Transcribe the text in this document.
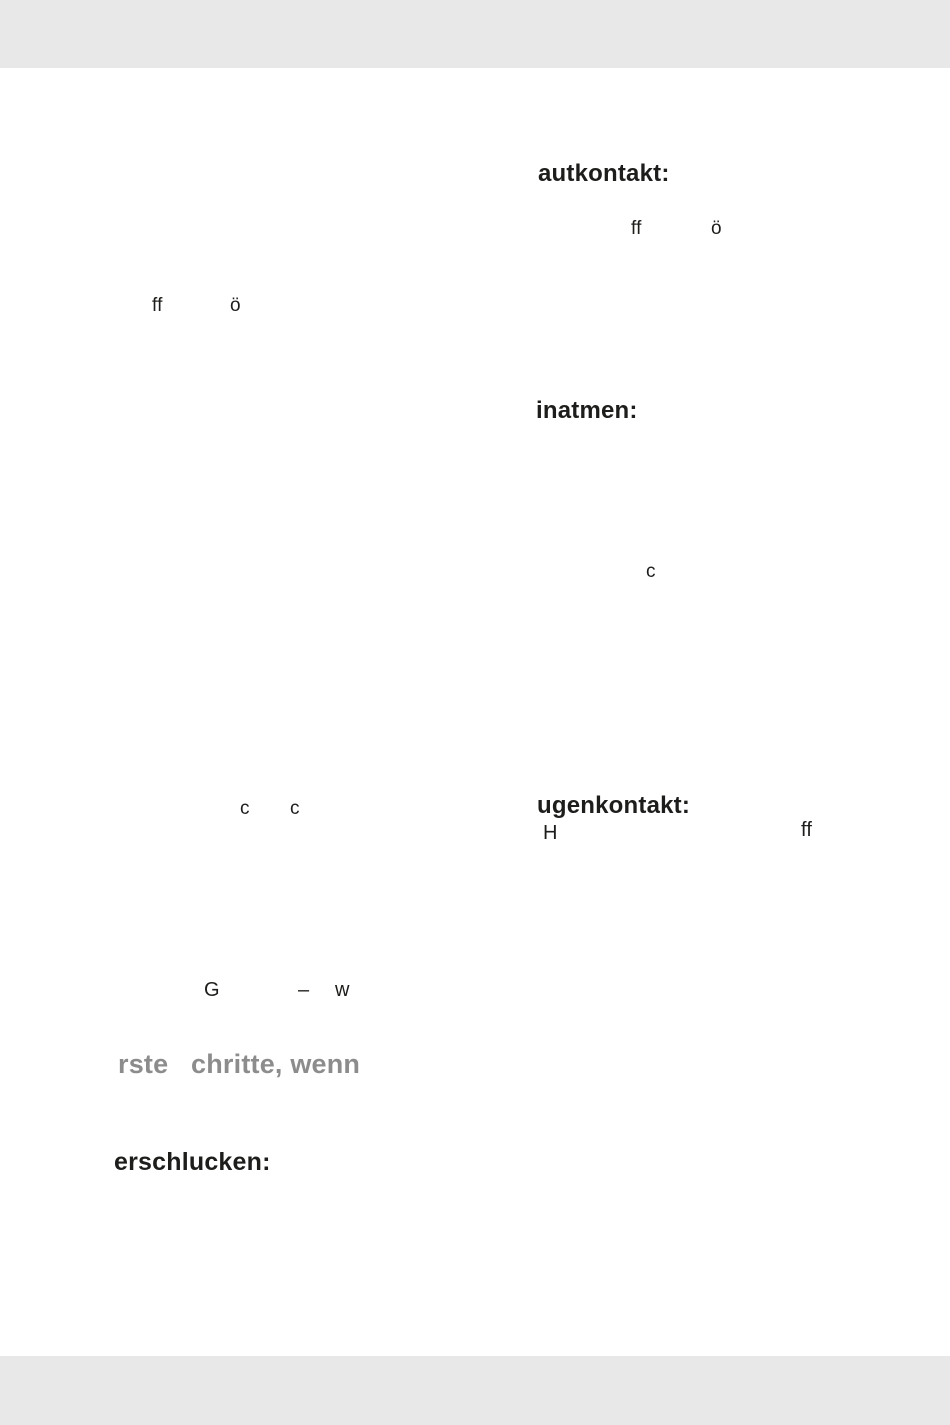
autkontakt:
ff	ö
inatmen:
c
ugenkontakt:
H	ff
ff	ö
c c
G	– w
rste chritte, wenn
erschlucken:
